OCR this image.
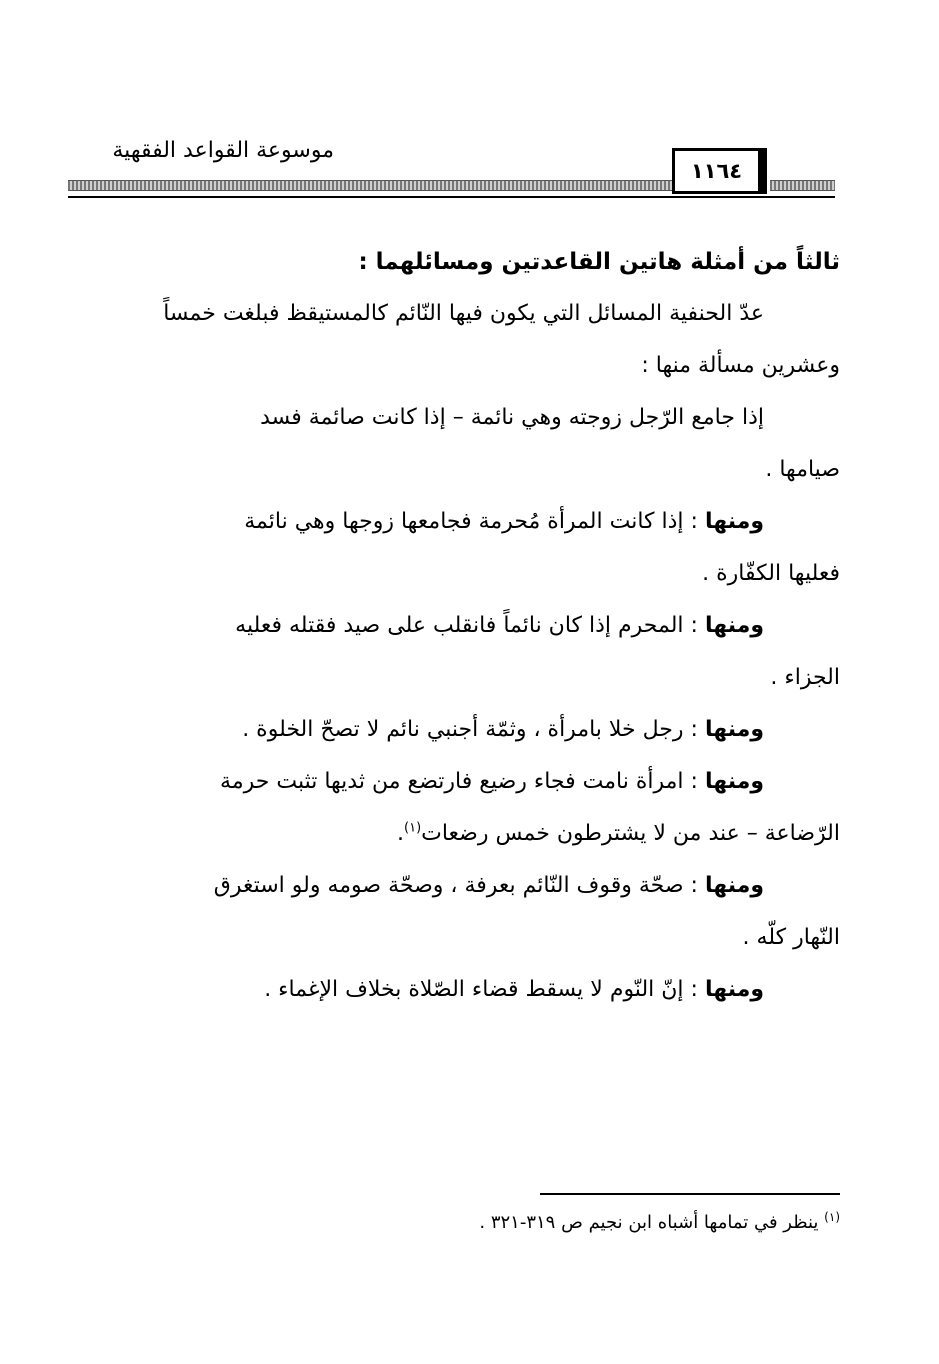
موسوعة القواعد الفقهية
١١٦٤
ثالثاً من أمثلة هاتين القاعدتين ومسائلهما :

عدّ الحنفية المسائل التي يكون فيها النّائم كالمستيقظ فبلغت خمساً

وعشرين مسألة منها :

إذا جامع الرّجل زوجته وهي نائمة – إذا كانت صائمة فسد

صيامها .

ومنها : إذا كانت المرأة مُحرمة فجامعها زوجها وهي نائمة

فعليها الكفّارة .

ومنها : المحرم إذا كان نائماً فانقلب على صيد فقتله فعليه

الجزاء .

ومنها : رجل خلا بامرأة ، وثمّة أجنبي نائم لا تصحّ الخلوة .

ومنها : امرأة نامت فجاء رضيع فارتضع من ثديها تثبت حرمة

الرّضاعة – عند من لا يشترطون خمس رضعات$^{(١)}$.

ومنها : صحّة وقوف النّائم بعرفة ، وصحّة صومه ولو استغرق

النّهار كلّه .

ومنها : إنّ النّوم لا يسقط قضاء الصّلاة بخلاف الإغماء .

$^{(١)}$ ينظر في تمامها أشباه ابن نجيم ص ٣١٩-٣٢١ .
